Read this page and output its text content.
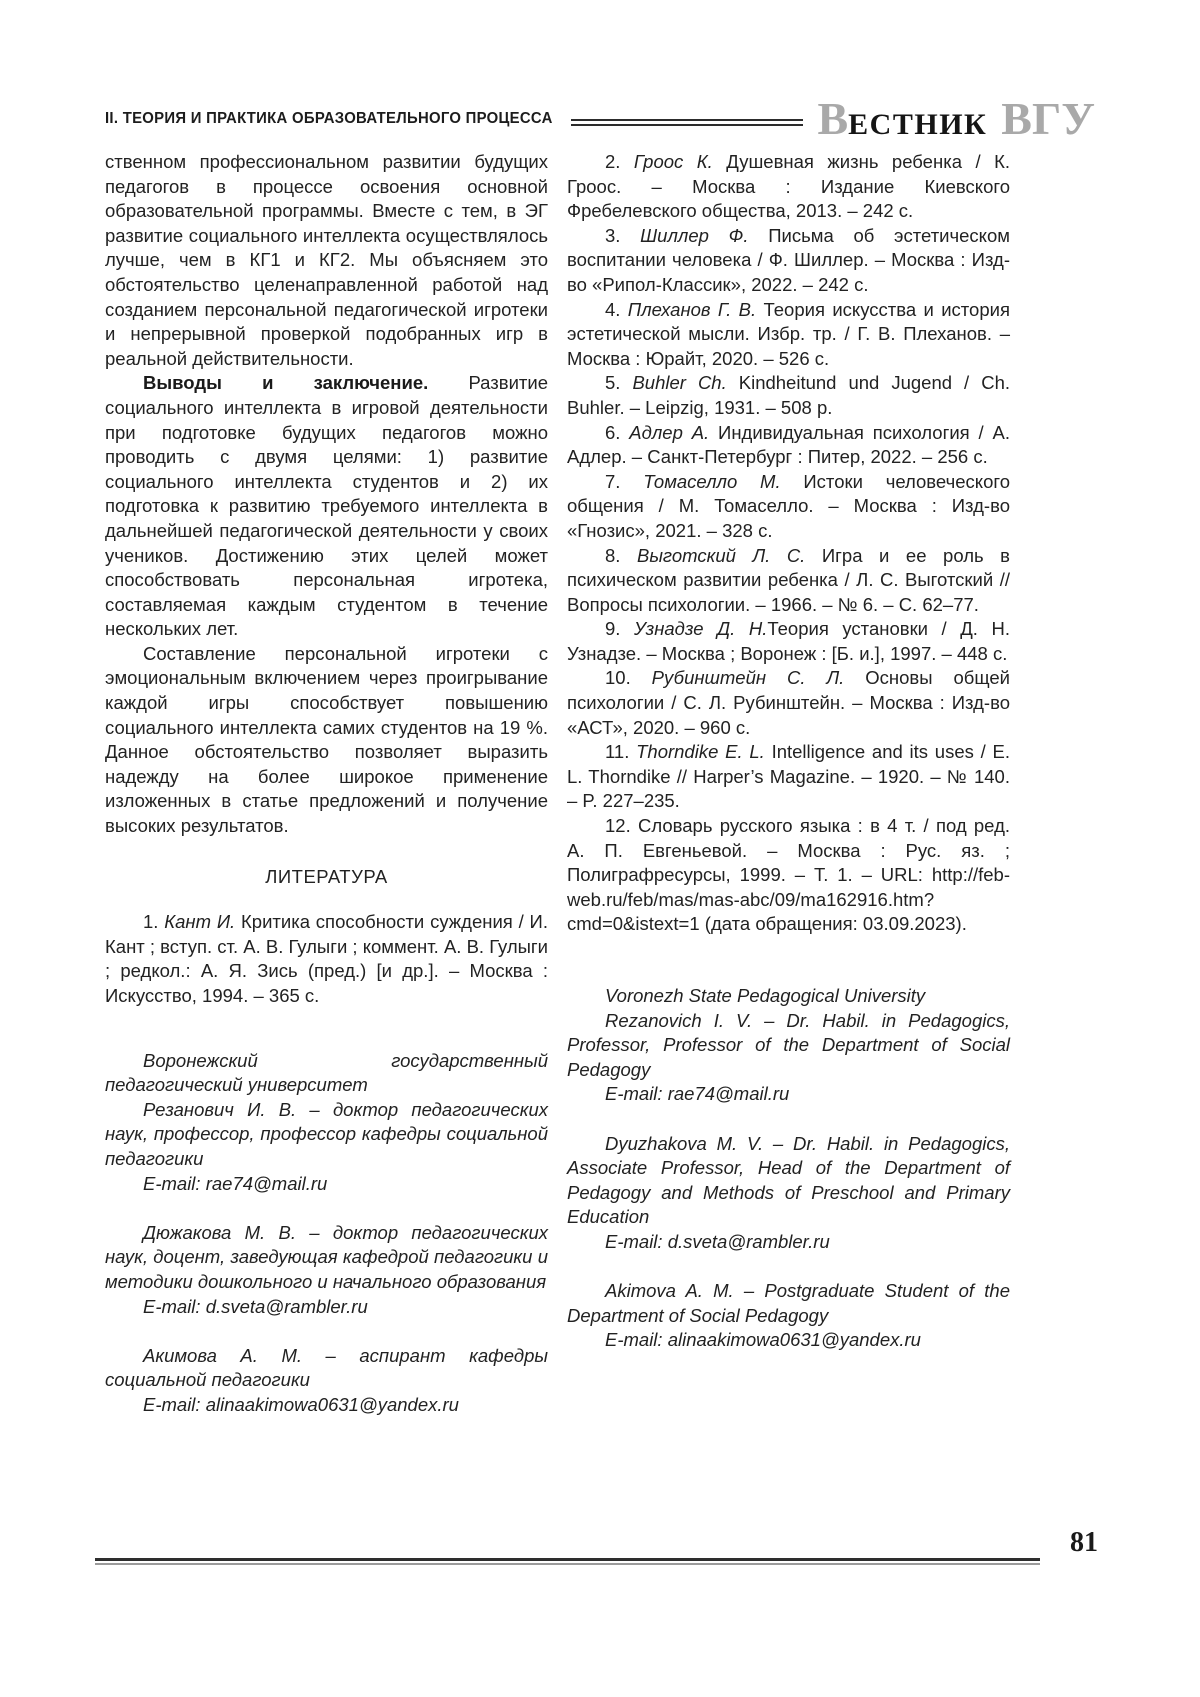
II. ТЕОРИЯ И ПРАКТИКА ОБРАЗОВАТЕЛЬНОГО ПРОЦЕССА	ВЕСТНИК ВГУ

ственном профессиональном развитии будущих педагогов в процессе освоения основной образовательной программы. Вместе с тем, в ЭГ развитие социального интеллекта осуществлялось лучше, чем в КГ1 и КГ2. Мы объясняем это обстоятельство целенаправленной работой над созданием персональной педагогической игротеки и непрерывной проверкой подобранных игр в реальной действительности.

Выводы и заключение. Развитие социального интеллекта в игровой деятельности при подготовке будущих педагогов можно проводить с двумя целями: 1) развитие социального интеллекта студентов и 2) их подготовка к развитию требуемого интеллекта в дальнейшей педагогической деятельности у своих учеников. Достижению этих целей может способствовать персональная игротека, составляемая каждым студентом в течение нескольких лет.

Составление персональной игротеки с эмоциональным включением через проигрывание каждой игры способствует повышению социального интеллекта самих студентов на 19 %. Данное обстоятельство позволяет выразить надежду на более широкое применение изложенных в статье предложений и получение высоких результатов.

ЛИТЕРАТУРА

1. Кант И. Критика способности суждения / И. Кант ; вступ. ст. А. В. Гулыги ; коммент. А. В. Гулыги ; редкол.: А. Я. Зись (пред.) [и др.]. – Москва : Искусство, 1994. – 365 с.

Воронежский государственный педагогический университет

Резанович И. В. – доктор педагогических наук, профессор, профессор кафедры социальной педагогики

E-mail: rae74@mail.ru

Дюжакова М. В. – доктор педагогических наук, доцент, заведующая кафедрой педагогики и методики дошкольного и начального образования

E-mail: d.sveta@rambler.ru

Акимова А. М. – аспирант кафедры социальной педагогики

E-mail: alinaakimowa0631@yandex.ru

2. Гроос К. Душевная жизнь ребенка / К. Гроос. – Москва : Издание Киевского Фребелевского общества, 2013. – 242 с.

3. Шиллер Ф. Письма об эстетическом воспитании человека / Ф. Шиллер. – Москва : Изд-во «Рипол-Классик», 2022. – 242 с.

4. Плеханов Г. В. Теория искусства и история эстетической мысли. Избр. тр. / Г. В. Плеханов. – Москва : Юрайт, 2020. – 526 с.

5. Buhler Ch. Kindheitund und Jugend / Ch. Buhler. – Leipzig, 1931. – 508 p.

6. Адлер А. Индивидуальная психология / А. Адлер. – Санкт-Петербург : Питер, 2022. – 256 с.

7. Томаселло М. Истоки человеческого общения / М. Томаселло. – Москва : Изд-во «Гнозис», 2021. – 328 с.

8. Выготский Л. С. Игра и ее роль в психическом развитии ребенка / Л. С. Выготский // Вопросы психологии. – 1966. – № 6. – С. 62–77.

9. Узнадзе Д. Н.Теория установки / Д. Н. Узнадзе. – Москва ; Воронеж : [Б. и.], 1997. – 448 с.

10. Рубинштейн С. Л. Основы общей психологии / С. Л. Рубинштейн. – Москва : Изд-во «АСТ», 2020. – 960 с.

11. Thorndike E. L. Intelligence and its uses / E. L. Thorndike // Harper’s Magazine. – 1920. – № 140. – P. 227–235.

12. Словарь русского языка : в 4 т. / под ред. А. П. Евгеньевой. – Москва : Рус. яз. ; Полиграфресурсы, 1999. – Т. 1. – URL: http://feb-web.ru/feb/mas/mas-abc/09/ma162916.htm?cmd=0&istext=1 (дата обращения: 03.09.2023).

Voronezh State Pedagogical University

Rezanovich I. V. – Dr. Habil. in Pedagogics, Professor, Professor of the Department of Social Pedagogy

E-mail: rae74@mail.ru

Dyuzhakova M. V. – Dr. Habil. in Pedagogics, Associate Professor, Head of the Department of Pedagogy and Methods of Preschool and Primary Education

E-mail: d.sveta@rambler.ru

Akimova A. M. – Postgraduate Student of the Department of Social Pedagogy

E-mail: alinaakimowa0631@yandex.ru

81
